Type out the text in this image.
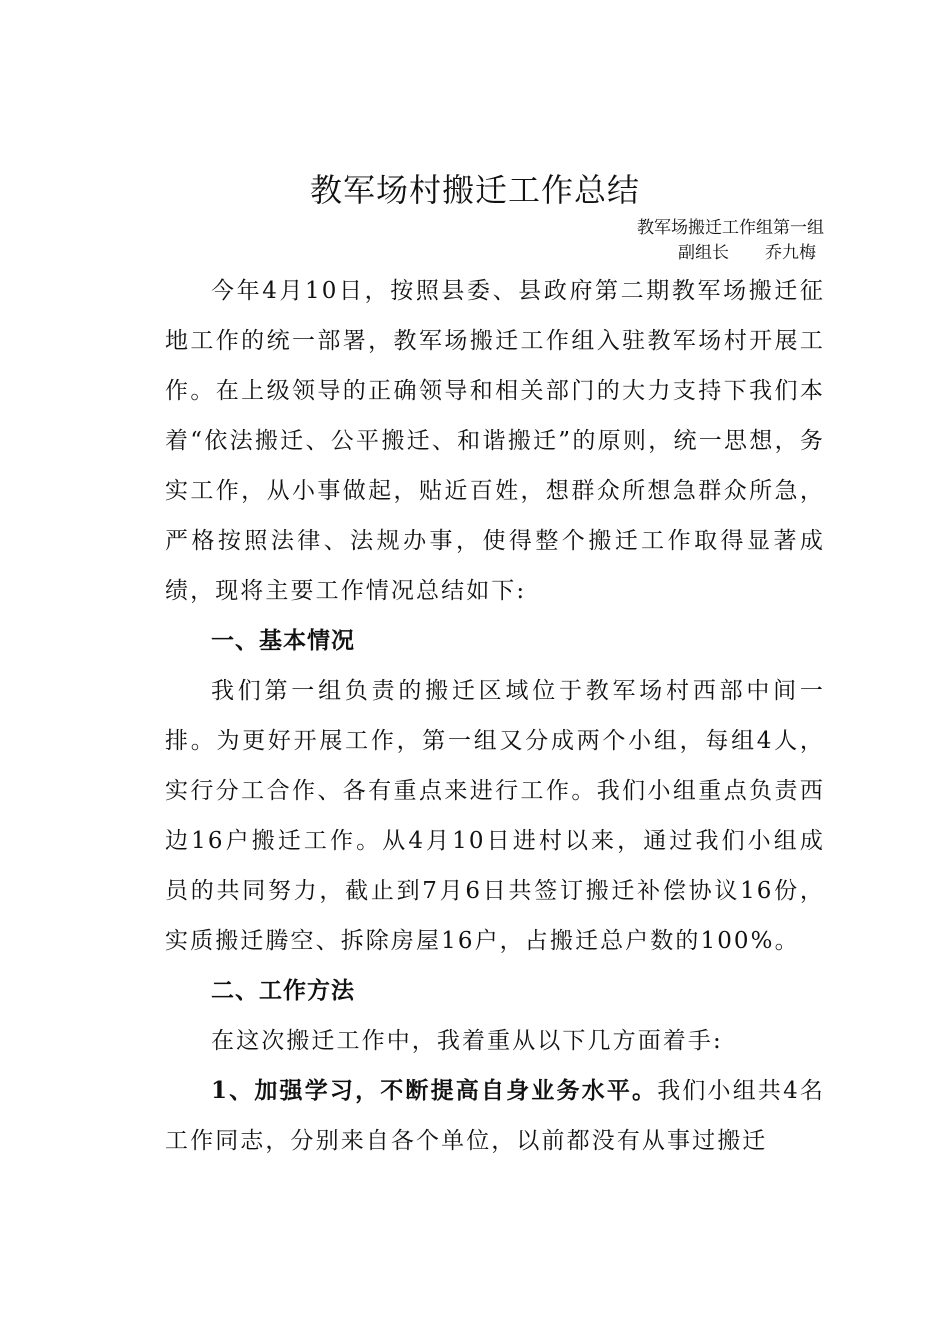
教军场村搬迁工作总结
教军场搬迁工作组第一组
副组长 乔九梅

今年4月10日，按照县委、县政府第二期教军场搬迁征地工作的统一部署，教军场搬迁工作组入驻教军场村开展工作。在上级领导的正确领导和相关部门的大力支持下我们本着“依法搬迁、公平搬迁、和谐搬迁”的原则，统一思想，务实工作，从小事做起，贴近百姓，想群众所想急群众所急，严格按照法律、法规办事，使得整个搬迁工作取得显著成绩，现将主要工作情况总结如下:

一、基本情况

我们第一组负责的搬迁区域位于教军场村西部中间一排。为更好开展工作，第一组又分成两个小组，每组4人，实行分工合作、各有重点来进行工作。我们小组重点负责西边16户搬迁工作。从4月10日进村以来，通过我们小组成员的共同努力，截止到7月6日共签订搬迁补偿协议16份，实质搬迁腾空、拆除房屋16户，占搬迁总户数的100%。

二、工作方法

在这次搬迁工作中，我着重从以下几方面着手:

1、加强学习，不断提高自身业务水平。我们小组共4名工作同志，分别来自各个单位，以前都没有从事过搬迁
